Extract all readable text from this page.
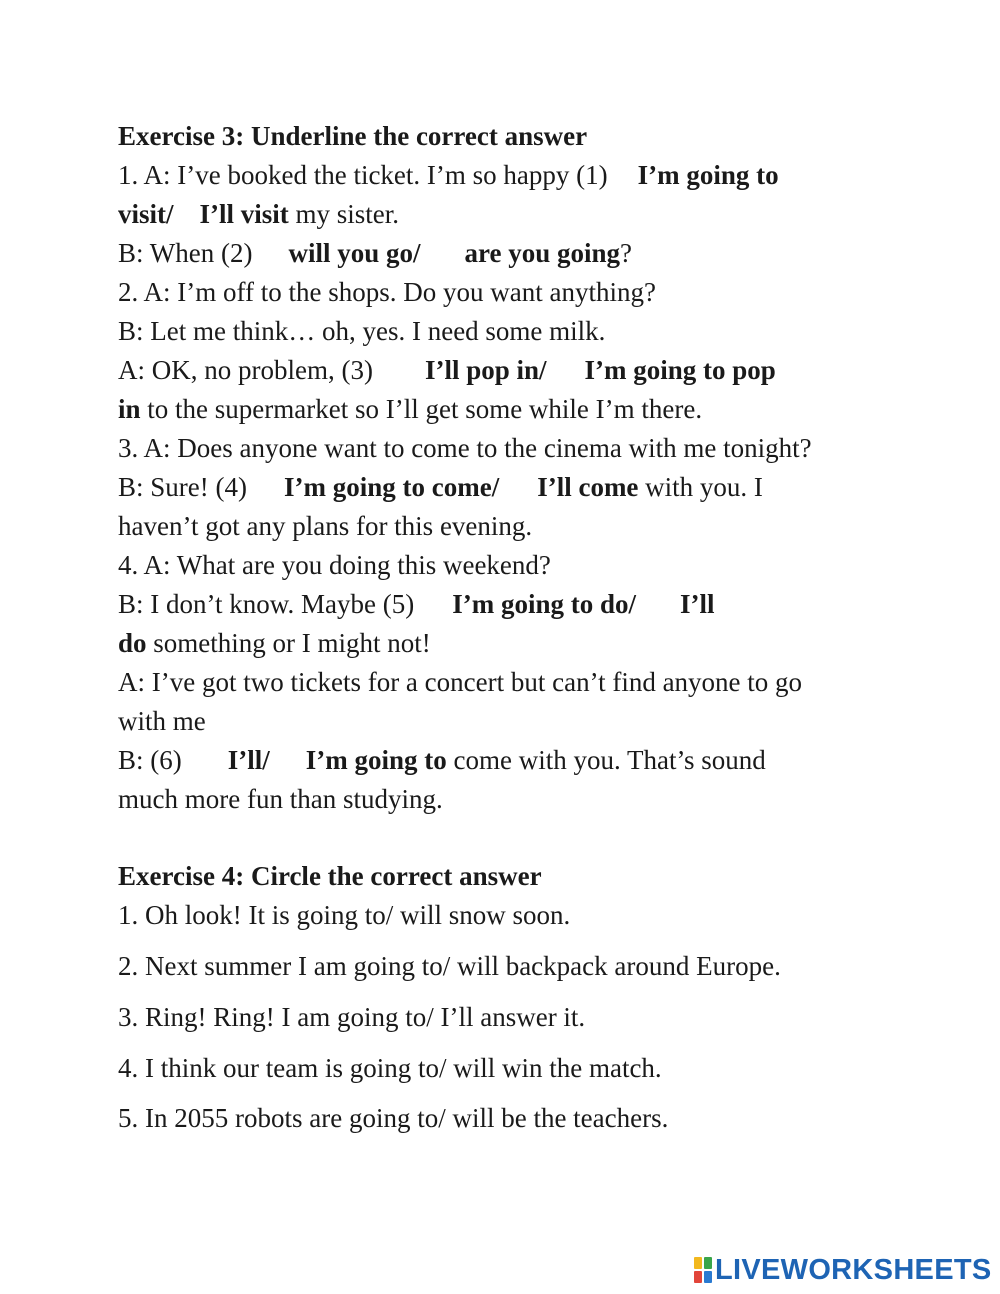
Exercise 3: Underline the correct answer
1. A: I’ve booked the ticket. I’m so happy (1) I’m going to
visit/ I’ll visit my sister.
B: When (2) will you go/ are you going?
2. A: I’m off to the shops. Do you want anything?
B: Let me think… oh, yes. I need some milk.
A: OK, no problem, (3) I’ll pop in/ I’m going to pop
in to the supermarket so I’ll get some while I’m there.
3. A: Does anyone want to come to the cinema with me tonight?
B: Sure! (4) I’m going to come/ I’ll come with you. I
haven’t got any plans for this evening.
4. A: What are you doing this weekend?
B: I don’t know. Maybe (5) I’m going to do/ I’ll
do something or I might not!
A: I’ve got two tickets for a concert but can’t find anyone to go
with me
B: (6) I’ll/ I’m going to come with you. That’s sound
much more fun than studying.
Exercise 4: Circle the correct answer
1. Oh look! It is going to/ will snow soon.
2. Next summer I am going to/ will backpack around Europe.
3. Ring! Ring! I am going to/ I’ll answer it.
4. I think our team is going to/ will win the match.
5. In 2055 robots are going to/ will be the teachers.
LIVEWORKSHEETS
